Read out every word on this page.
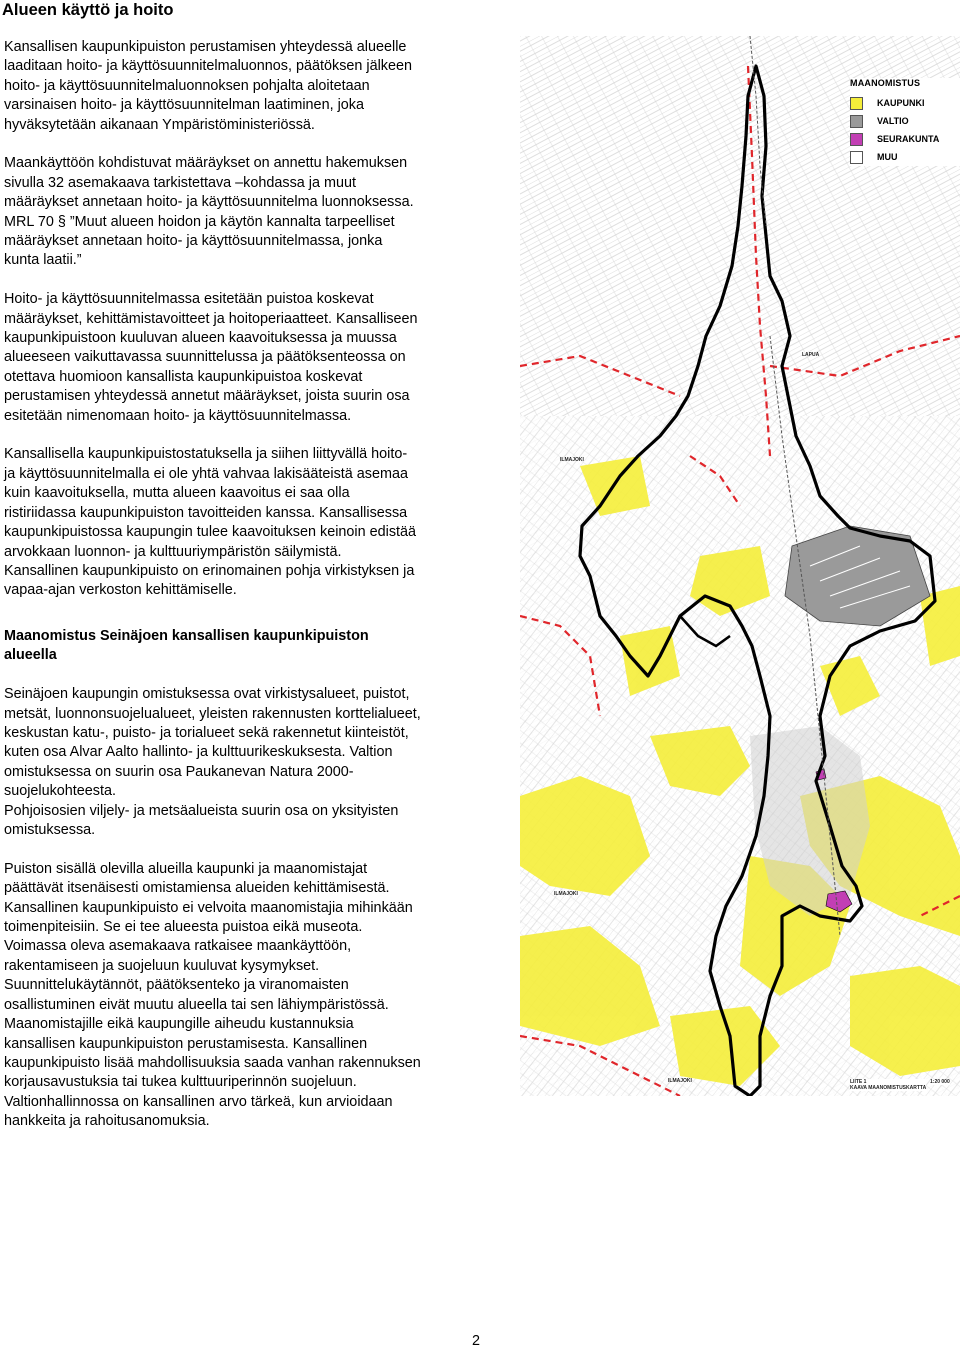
Alueen käyttö ja hoito

Kansallisen kaupunkipuiston perustamisen yhteydessä alueelle
laaditaan hoito- ja käyttösuunnitelmaluonnos, päätöksen jälkeen
hoito- ja käyttösuunnitelmaluonnoksen pohjalta aloitetaan
varsinaisen hoito- ja käyttösuunnitelman laatiminen, joka
hyväksytetään aikanaan Ympäristöministeriössä.

Maankäyttöön kohdistuvat määräykset on annettu hakemuksen
sivulla 32 asemakaava tarkistettava –kohdassa ja muut
määräykset annetaan hoito- ja käyttösuunnitelma luonnoksessa.
MRL 70 § ”Muut alueen hoidon ja käytön kannalta tarpeelliset
määräykset annetaan hoito- ja käyttösuunnitelmassa, jonka
kunta laatii.”

Hoito- ja käyttösuunnitelmassa esitetään puistoa koskevat
määräykset, kehittämistavoitteet ja hoitoperiaatteet. Kansalliseen
kaupunkipuistoon kuuluvan alueen kaavoituksessa ja muussa
alueeseen vaikuttavassa suunnittelussa ja päätöksenteossa on
otettava huomioon kansallista kaupunkipuistoa koskevat
perustamisen yhteydessä annetut määräykset, joista suurin osa
esitetään nimenomaan hoito- ja käyttösuunnitelmassa.

Kansallisella kaupunkipuistostatuksella ja siihen liittyvällä hoito-
ja käyttösuunnitelmalla ei ole yhtä vahvaa lakisääteistä asemaa
kuin kaavoituksella, mutta alueen kaavoitus ei saa olla
ristiriidassa kaupunkipuiston tavoitteiden kanssa. Kansallisessa
kaupunkipuistossa kaupungin tulee kaavoituksen keinoin edistää
arvokkaan luonnon- ja kulttuuriympäristön säilymistä.
Kansallinen kaupunkipuisto on erinomainen pohja virkistyksen ja
vapaa-ajan verkoston kehittämiselle.

Maanomistus Seinäjoen kansallisen kaupunkipuiston
alueella

Seinäjoen kaupungin omistuksessa ovat virkistysalueet, puistot,
metsät, luonnonsuojelualueet, yleisten rakennusten korttelialueet,
keskustan katu-, puisto- ja torialueet sekä rakennetut kiinteistöt,
kuten osa Alvar Aalto hallinto- ja kulttuurikeskuksesta. Valtion
omistuksessa on suurin osa Paukanevan Natura 2000-
suojelukohteesta.
Pohjoisosien viljely- ja metsäalueista suurin osa on yksityisten
omistuksessa.

Puiston sisällä olevilla alueilla kaupunki ja maanomistajat
päättävät itsenäisesti omistamiensa alueiden kehittämisestä.
Kansallinen kaupunkipuisto ei velvoita maanomistajia mihinkään
toimenpiteisiin. Se ei tee alueesta puistoa eikä museota.
Voimassa oleva asemakaava ratkaisee maankäyttöön,
rakentamiseen ja suojeluun kuuluvat kysymykset.
Suunnittelukäytännöt, päätöksenteko ja viranomaisten
osallistuminen eivät muutu alueella tai sen lähiympäristössä.
Maanomistajille eikä kaupungille aiheudu kustannuksia
kansallisen kaupunkipuiston perustamisesta. Kansallinen
kaupunkipuisto lisää mahdollisuuksia saada vanhan rakennuksen
korjausavustuksia tai tukea kulttuuriperinnön suojeluun.
Valtionhallinnossa on kansallinen arvo tärkeä, kun arvioidaan
hankkeita ja rahoitusanomuksia.

LAPUA
ILMAJOKI
ILMAJOKI
ILMAJOKI	LIITE 1
KAAVA MAANOMISTUSKARTTA
1:20 000
MAANOMISTUS
KAUPUNKI
VALTIO
SEURAKUNTA
MUU
2
